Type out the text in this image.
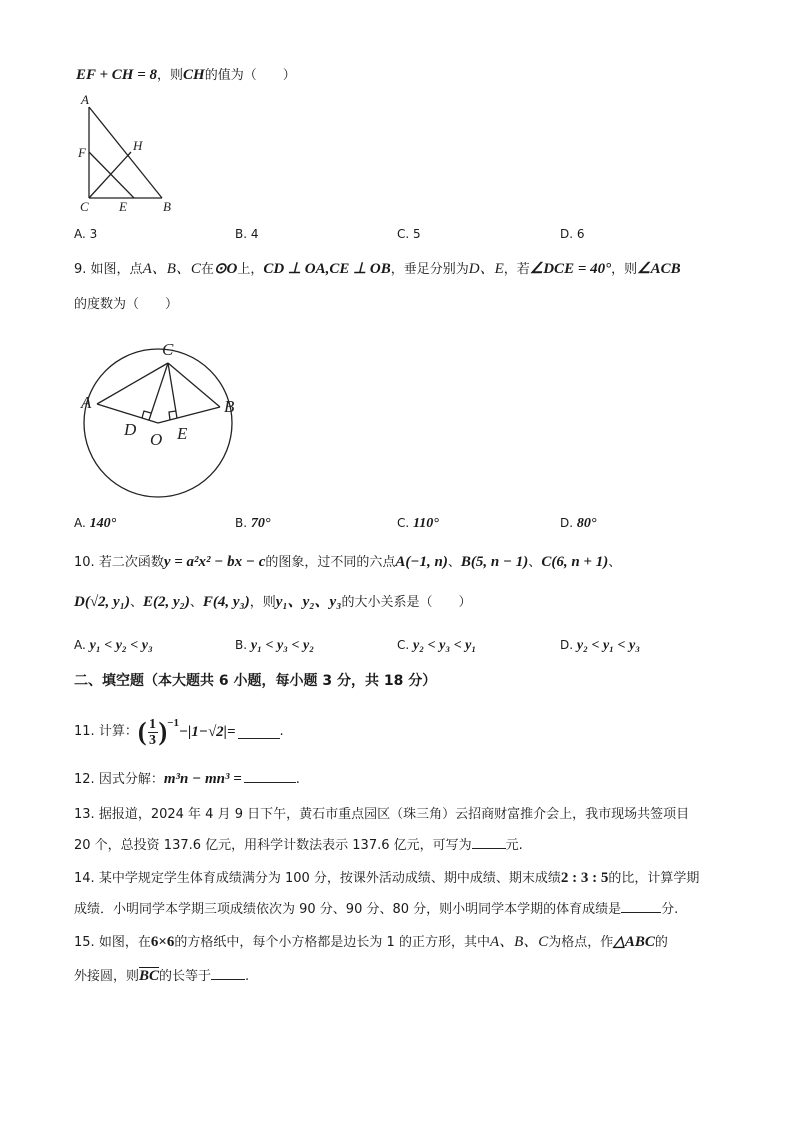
EF + CH = 8，则CH的值为（　　）
A
F	H
C E	B
A. 3	B. 4	C. 5	D. 6
9. 如图，点A、B、C在⊙O上，CD ⊥ OA,CE ⊥ OB，垂足分别为D、E，若∠DCE = 40°，则∠ACB
的度数为（　　）
C
A	B
D
O E
A. 140°	B. 70°	C. 110°	D. 80°
10. 若二次函数y = a²x² − bx − c的图象，过不同的六点A(−1, n)、B(5, n − 1)、C(6, n + 1)、
D(√2, y₁)、E(2, y₂)、F(4, y₃)，则y₁、y₂、y₃的大小关系是（　　）
A. y₁ < y₂ < y₃	B. y₁ < y₃ < y₂	C. y₂ < y₃ < y₁	D. y₂ < y₁ < y₃
二、填空题（本大题共 6 小题，每小题 3 分，共 18 分）
11.
计算： ( 1
3 ) −1
−|1−√2|=	.
12. 因式分解：m³n − mn³ =	.
13. 据报道，2024 年 4 月 9 日下午，黄石市重点园区（珠三角）云招商财富推介会上，我市现场共签项目
20 个，总投资 137.6 亿元，用科学计数法表示 137.6 亿元，可写为	元.
14. 某中学规定学生体育成绩满分为 100 分，按课外活动成绩、期中成绩、期末成绩2 : 3 : 5的比，计算学期
成绩．小明同学本学期三项成绩依次为 90 分、90 分、80 分，则小明同学本学期的体育成绩是	分.
15. 如图，在6×6的方格纸中，每个小方格都是边长为 1 的正方形，其中A、B、C为格点，作△ABC的
外接圆，则$\overline{BC}$的长等于	.
